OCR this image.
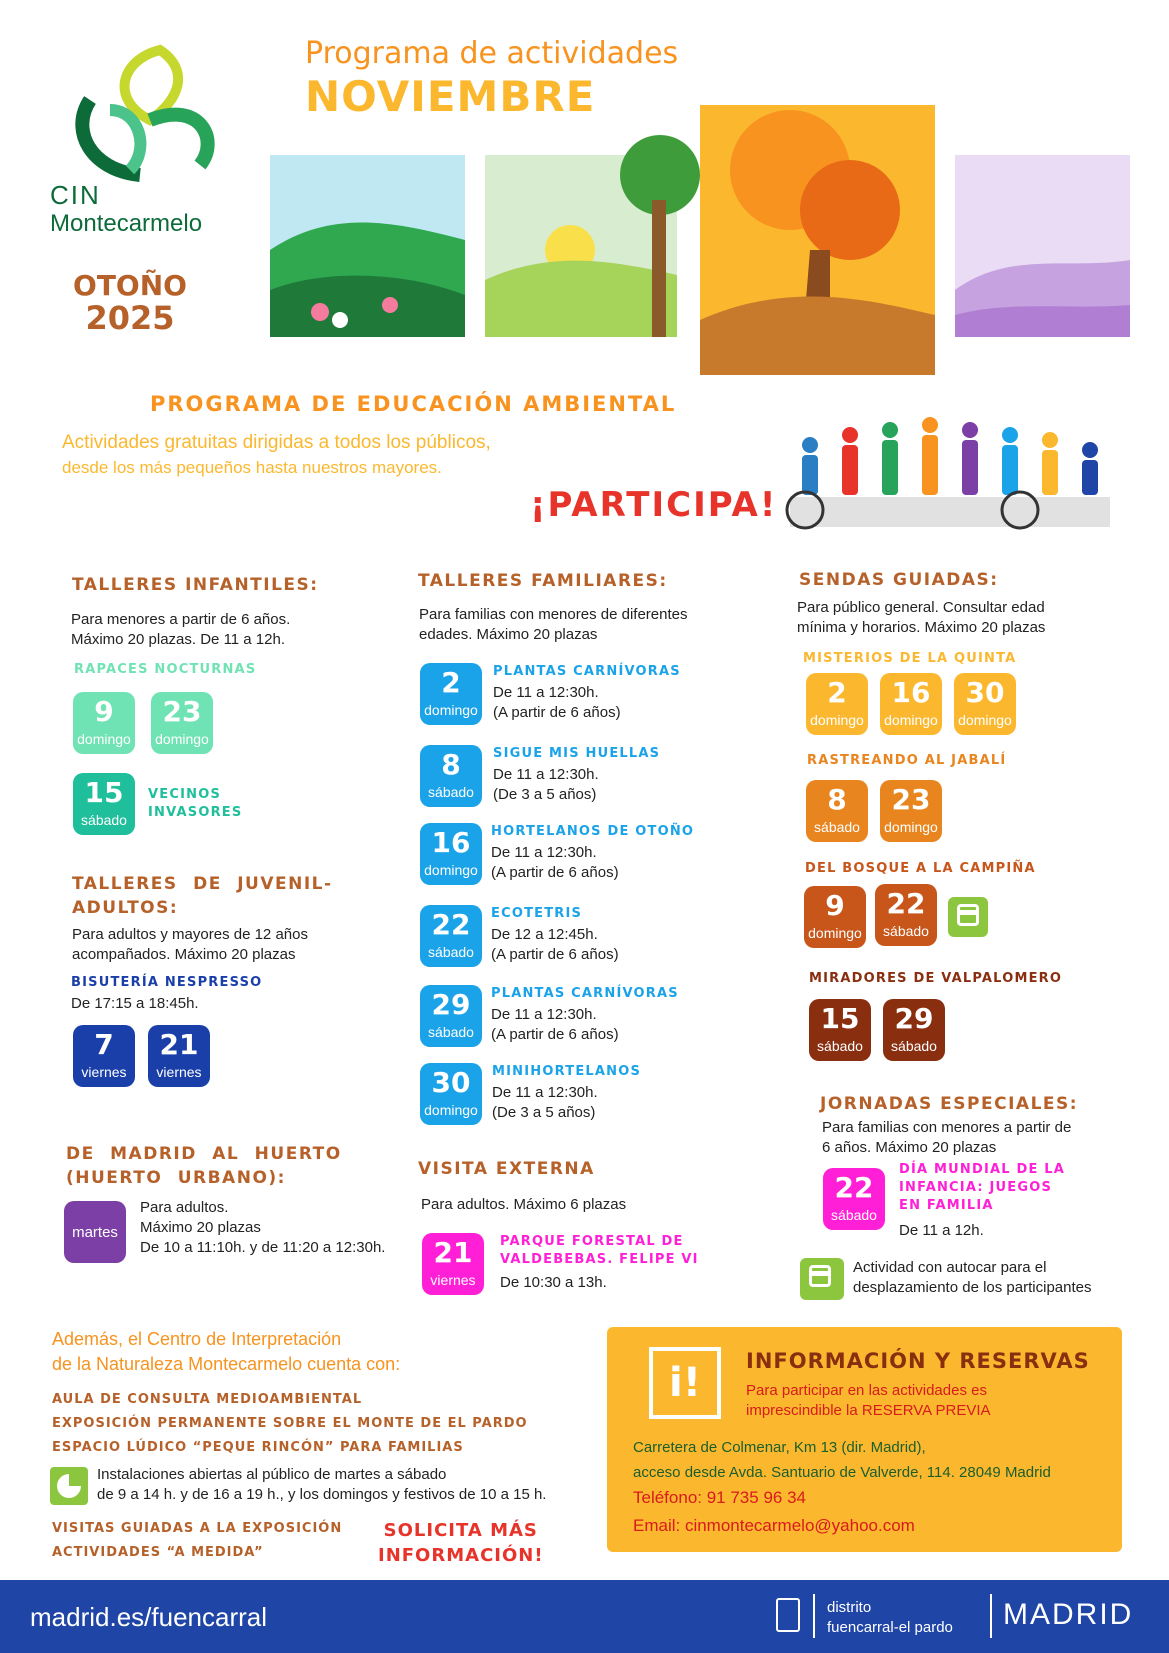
CIN
Montecarmelo
OTOÑO
2025
Programa de actividades
NOVIEMBRE
PROGRAMA DE EDUCACIÓN AMBIENTAL
Actividades gratuitas dirigidas a todos los públicos,
desde los más pequeños hasta nuestros mayores.
¡PARTICIPA!
TALLERES INFANTILES:
Para menores a partir de 6 años.
Máximo 20 plazas. De 11 a 12h.
RAPACES NOCTURNAS
9
domingo
23
domingo
15
sábado
VECINOS
INVASORES
TALLERES DE JUVENIL-
ADULTOS:
Para adultos y mayores de 12 años
acompañados. Máximo 20 plazas
BISUTERÍA NESPRESSO
De 17:15 a 18:45h.
7
viernes
21
viernes
DE MADRID AL HUERTO
(HUERTO URBANO):
martes
Para adultos.
Máximo 20 plazas
De 10 a 11:10h. y de 11:20 a 12:30h.
TALLERES FAMILIARES:
Para familias con menores de diferentes
edades. Máximo 20 plazas
2
domingo
PLANTAS CARNÍVORAS
De 11 a 12:30h.
(A partir de 6 años)
8
sábado
SIGUE MIS HUELLAS
De 11 a 12:30h.
(De 3 a 5 años)
16
domingo
HORTELANOS DE OTOÑO
De 11 a 12:30h.
(A partir de 6 años)
22
sábado
ECOTETRIS
De 12 a 12:45h.
(A partir de 6 años)
29
sábado
PLANTAS CARNÍVORAS
De 11 a 12:30h.
(A partir de 6 años)
30
domingo
MINIHORTELANOS
De 11 a 12:30h.
(De 3 a 5 años)
VISITA EXTERNA
Para adultos. Máximo 6 plazas
21
viernes
PARQUE FORESTAL DE
VALDEBEBAS. FELIPE VI
De 10:30 a 13h.
SENDAS GUIADAS:
Para público general. Consultar edad
mínima y horarios. Máximo 20 plazas
MISTERIOS DE LA QUINTA
2
domingo
16
domingo
30
domingo
RASTREANDO AL JABALÍ
8
sábado
23
domingo
DEL BOSQUE A LA CAMPIÑA
9
domingo
22
sábado
MIRADORES DE VALPALOMERO
15
sábado
29
sábado
JORNADAS ESPECIALES:
Para familias con menores a partir de
6 años. Máximo 20 plazas
22
sábado
DÍA MUNDIAL DE LA
INFANCIA: JUEGOS
EN FAMILIA
De 11 a 12h.
Actividad con autocar para el
desplazamiento de los participantes
Además, el Centro de Interpretación
de la Naturaleza Montecarmelo cuenta con:
AULA DE CONSULTA MEDIOAMBIENTAL
EXPOSICIÓN PERMANENTE SOBRE EL MONTE DE EL PARDO
ESPACIO LÚDICO “PEQUE RINCÓN” PARA FAMILIAS
Instalaciones abiertas al público de martes a sábado
de 9 a 14 h. y de 16 a 19 h., y los domingos y festivos de 10 a 15 h.
VISITAS GUIADAS A LA EXPOSICIÓN
ACTIVIDADES “A MEDIDA”
SOLICITA MÁS
INFORMACIÓN!
i!	INFORMACIÓN Y RESERVAS
Para participar en las actividades es
imprescindible la RESERVA PREVIA
Carretera de Colmenar, Km 13 (dir. Madrid),
acceso desde Avda. Santuario de Valverde, 114. 28049 Madrid
Teléfono: 91 735 96 34
Email: cinmontecarmelo@yahoo.com
madrid.es/fuencarral	distrito
fuencarral-el pardo MADRID
